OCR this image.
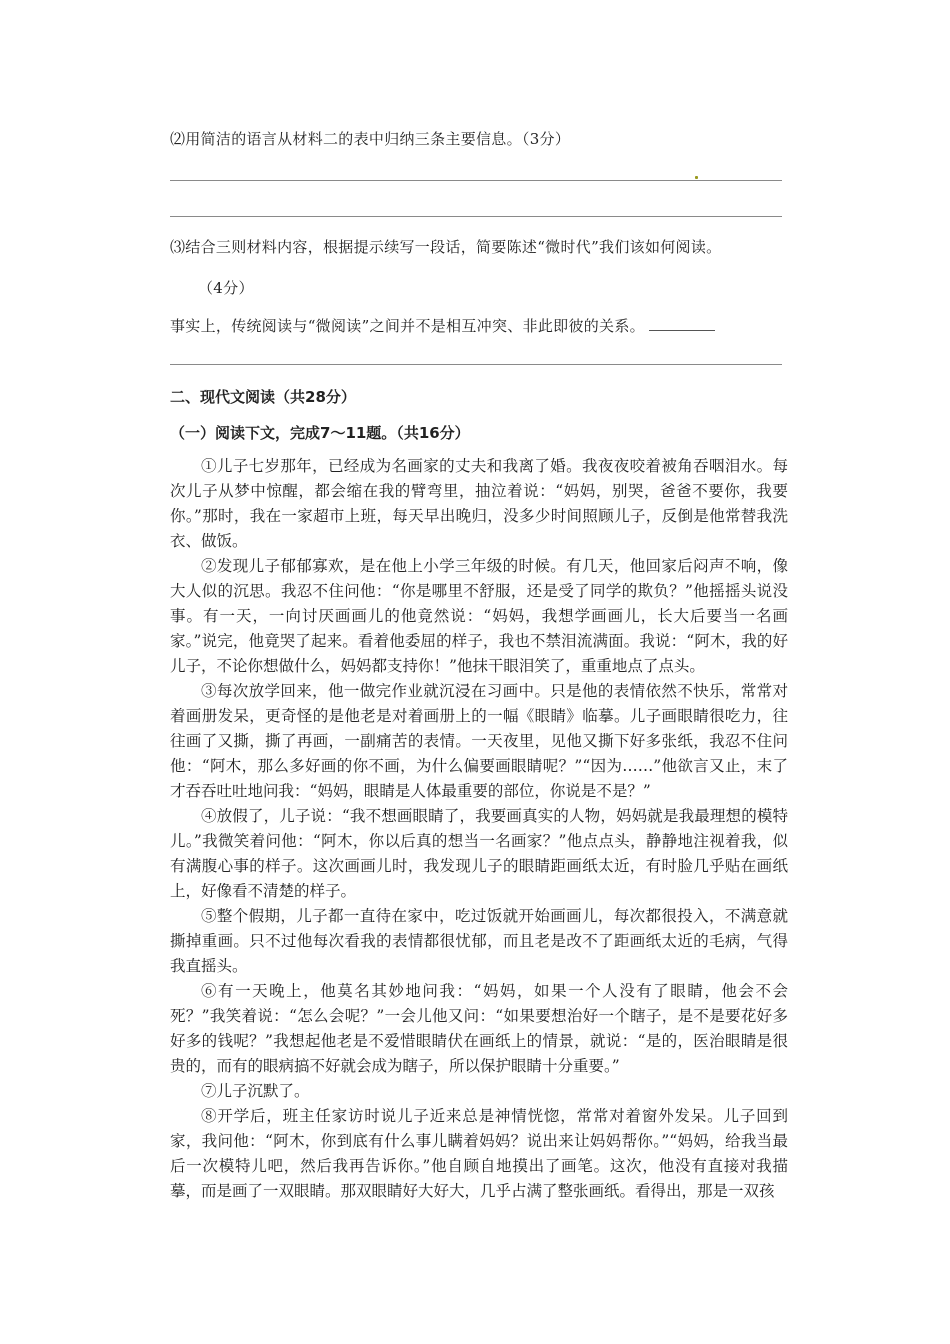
⑵用简洁的语言从材料二的表中归纳三条主要信息。（3分）
⑶结合三则材料内容，根据提示续写一段话，简要陈述“微时代”我们该如何阅读。
（4分）
事实上，传统阅读与“微阅读”之间并不是相互冲突、非此即彼的关系。
二、现代文阅读（共28分）
（一）阅读下文，完成7～11题。（共16分）

①儿子七岁那年，已经成为名画家的丈夫和我离了婚。我夜夜咬着被角吞咽泪水。每次儿子从梦中惊醒，都会缩在我的臂弯里，抽泣着说：“妈妈，别哭，爸爸不要你，我要你。”那时，我在一家超市上班，每天早出晚归，没多少时间照顾儿子，反倒是他常替我洗衣、做饭。

②发现儿子郁郁寡欢，是在他上小学三年级的时候。有几天，他回家后闷声不响，像大人似的沉思。我忍不住问他：“你是哪里不舒服，还是受了同学的欺负？”他摇摇头说没事。有一天，一向讨厌画画儿的他竟然说：“妈妈，我想学画画儿，长大后要当一名画家。”说完，他竟哭了起来。看着他委屈的样子，我也不禁泪流满面。我说：“阿木，我的好儿子，不论你想做什么，妈妈都支持你！”他抹干眼泪笑了，重重地点了点头。

③每次放学回来，他一做完作业就沉浸在习画中。只是他的表情依然不快乐，常常对着画册发呆，更奇怪的是他老是对着画册上的一幅《眼睛》临摹。儿子画眼睛很吃力，往往画了又撕，撕了再画，一副痛苦的表情。一天夜里，见他又撕下好多张纸，我忍不住问他：“阿木，那么多好画的你不画，为什么偏要画眼睛呢？”“因为……”他欲言又止，末了才吞吞吐吐地问我：“妈妈，眼睛是人体最重要的部位，你说是不是？”

④放假了，儿子说：“我不想画眼睛了，我要画真实的人物，妈妈就是我最理想的模特儿。”我微笑着问他：“阿木，你以后真的想当一名画家？”他点点头，静静地注视着我，似有满腹心事的样子。这次画画儿时，我发现儿子的眼睛距画纸太近，有时脸几乎贴在画纸上，好像看不清楚的样子。

⑤整个假期，儿子都一直待在家中，吃过饭就开始画画儿，每次都很投入，不满意就撕掉重画。只不过他每次看我的表情都很忧郁，而且老是改不了距画纸太近的毛病，气得我直摇头。

⑥有一天晚上，他莫名其妙地问我：“妈妈，如果一个人没有了眼睛，他会不会死？”我笑着说：“怎么会呢？”一会儿他又问：“如果要想治好一个瞎子，是不是要花好多好多的钱呢？”我想起他老是不爱惜眼睛伏在画纸上的情景，就说：“是的，医治眼睛是很贵的，而有的眼病搞不好就会成为瞎子，所以保护眼睛十分重要。”

⑦儿子沉默了。

⑧开学后，班主任家访时说儿子近来总是神情恍惚，常常对着窗外发呆。儿子回到家，我问他：“阿木，你到底有什么事儿瞒着妈妈？说出来让妈妈帮你。”“妈妈，给我当最后一次模特儿吧，然后我再告诉你。”他自顾自地摸出了画笔。这次，他没有直接对我描摹，而是画了一双眼睛。那双眼睛好大好大，几乎占满了整张画纸。看得出，那是一双孩
